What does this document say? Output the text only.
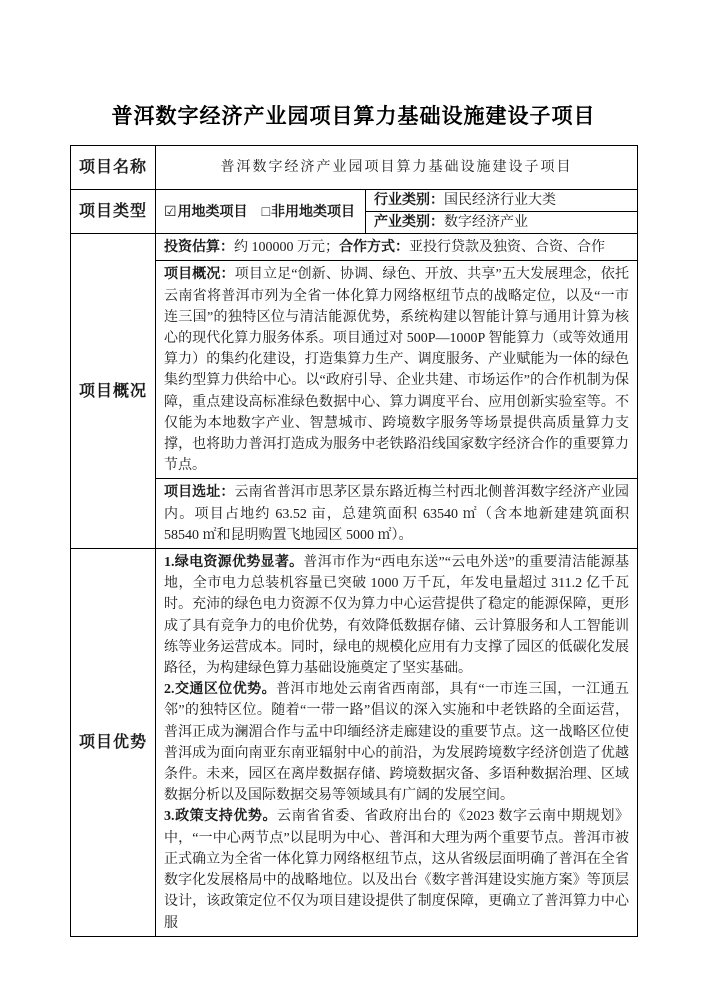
普洱数字经济产业园项目算力基础设施建设子项目
项目名称	普洱数字经济产业园项目算力基础设施建设子项目	
项目类型	☑用地类项目 □非用地类项目	行业类别：国民经济行业大类
		产业类别：数字经济产业
项目概况	投资估算：约 100000 万元；合作方式：亚投行贷款及独资、合资、合作	
	项目概况：项目立足“创新、协调、绿色、开放、共享”五大发展理念，依托云南省将普洱市列为全省一体化算力网络枢纽节点的战略定位，以及“一市连三国”的独特区位与清洁能源优势，系统构建以智能计算与通用计算为核心的现代化算力服务体系。项目通过对 500P—1000P 智能算力（或等效通用算力）的集约化建设，打造集算力生产、调度服务、产业赋能为一体的绿色集约型算力供给中心。以“政府引导、企业共建、市场运作”的合作机制为保障，重点建设高标准绿色数据中心、算力调度平台、应用创新实验室等。不仅能为本地数字产业、智慧城市、跨境数字服务等场景提供高质量算力支撑，也将助力普洱打造成为服务中老铁路沿线国家数字经济合作的重要算力节点。	
	项目选址：云南省普洱市思茅区景东路近梅兰村西北侧普洱数字经济产业园内。项目占地约 63.52 亩，总建筑面积 63540 ㎡（含本地新建建筑面积 58540 ㎡和昆明购置飞地园区 5000 ㎡）。	
项目优势	1.绿电资源优势显著。普洱市作为“西电东送”“云电外送”的重要清洁能源基地，全市电力总装机容量已突破 1000 万千瓦，年发电量超过 311.2 亿千瓦时。充沛的绿色电力资源不仅为算力中心运营提供了稳定的能源保障，更形成了具有竞争力的电价优势，有效降低数据存储、云计算服务和人工智能训练等业务运营成本。同时，绿电的规模化应用有力支撑了园区的低碳化发展路径，为构建绿色算力基础设施奠定了坚实基础。

2.交通区位优势。普洱市地处云南省西南部，具有“一市连三国，一江通五邻”的独特区位。随着“一带一路”倡议的深入实施和中老铁路的全面运营，普洱正成为澜湄合作与孟中印缅经济走廊建设的重要节点。这一战略区位使普洱成为面向南亚东南亚辐射中心的前沿，为发展跨境数字经济创造了优越条件。未来，园区在离岸数据存储、跨境数据灾备、多语种数据治理、区域数据分析以及国际数据交易等领域具有广阔的发展空间。

3.政策支持优势。云南省省委、省政府出台的《2023 数字云南中期规划》中，“一中心两节点”以昆明为中心、普洱和大理为两个重要节点。普洱市被正式确立为全省一体化算力网络枢纽节点，这从省级层面明确了普洱在全省数字化发展格局中的战略地位。以及出台《数字普洱建设实施方案》等顶层设计，该政策定位不仅为项目建设提供了制度保障，更确立了普洱算力中心服	
